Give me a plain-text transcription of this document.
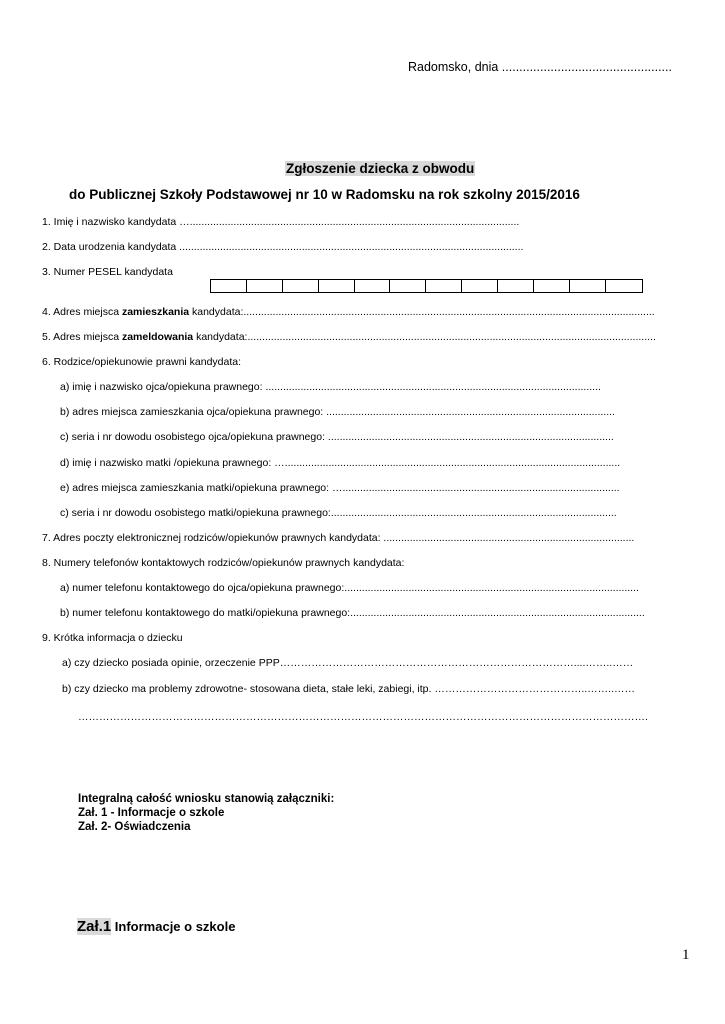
Radomsko, dnia .................................................
Zgłoszenie dziecka z obwodu
do Publicznej Szkoły Podstawowej nr 10 w Radomsku na rok szkolny 2015/2016
1. Imię i nazwisko kandydata ….................................................................................................................
2. Data urodzenia kandydata ......................................................................................................................
3. Numer PESEL kandydata
4. Adres miejsca zamieszkania kandydata:.............................................................................................................................................
5. Adres miejsca zameldowania kandydata:............................................................................................................................................
6. Rodzice/opiekunowie prawni kandydata:
a) imię i nazwisko ojca/opiekuna prawnego: ...................................................................................................................
b) adres miejsca zamieszkania ojca/opiekuna prawnego: ...................................................................................................
c) seria i nr dowodu osobistego ojca/opiekuna prawnego: ..................................................................................................
d) imię i nazwisko matki /opiekuna prawnego: …...................................................................................................................
e) adres miejsca zamieszkania matki/opiekuna prawnego: …...............................................................................................
c) seria i nr dowodu osobistego matki/opiekuna prawnego:..................................................................................................
7. Adres poczty elektronicznej rodziców/opiekunów prawnych kandydata: ......................................................................................
8. Numery telefonów kontaktowych rodziców/opiekunów prawnych kandydata:
a) numer telefonu kontaktowego do ojca/opiekuna prawnego:.....................................................................................................
b) numer telefonu kontaktowego do matki/opiekuna prawnego:.....................................................................................................
9. Krótka informacja o dziecku
a) czy dziecko posiada opinie, orzeczenie PPP…………………………………………………………………………....……..……
b) czy dziecko ma problemy zdrowotne- stosowana dieta, stałe leki, zabiegi, itp. ……………………………………..……..……
……………………………………………………………………………………………………………………………………………….
Integralną całość wniosku stanowią załączniki:
Zał. 1 - Informacje o szkole
Zał. 2- Oświadczenia
Zał.1 Informacje o szkole
1
